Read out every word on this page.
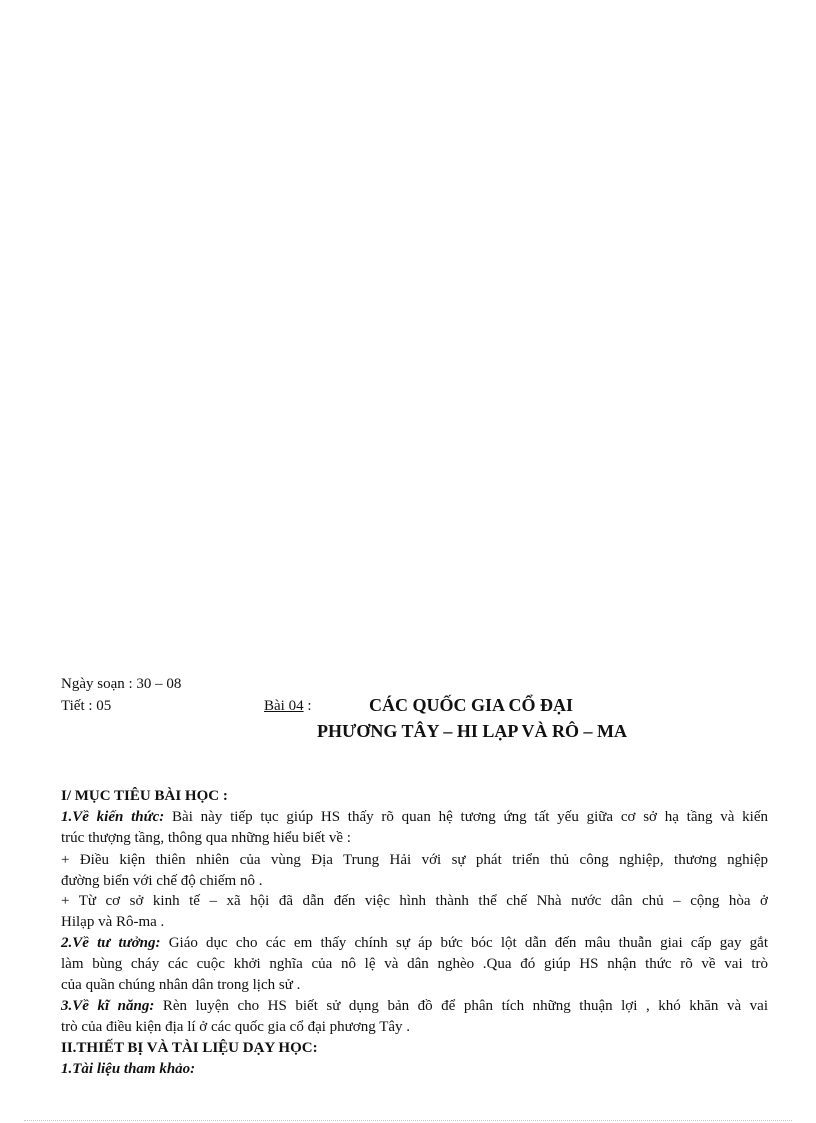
Ngày soạn : 30 – 08
Tiết : 05	Bài 04 :	CÁC QUỐC GIA CỔ ĐẠI
PHƯƠNG TÂY – HI LẠP VÀ RÔ – MA
I/ MỤC TIÊU BÀI HỌC :
1.Về kiến thức: Bài này tiếp tục giúp HS thấy rõ quan hệ tương ứng tất yếu giữa cơ sở hạ tầng và kiến
trúc thượng tầng, thông qua những hiểu biết về :
+ Điều kiện thiên nhiên của vùng Địa Trung Hải với sự phát triển thủ công nghiệp, thương nghiệp
đường biển với chế độ chiếm nô .
+ Từ cơ sở kinh tế – xã hội đã dẫn đến việc hình thành thể chế Nhà nước dân chủ – cộng hòa ở
Hilạp và Rô-ma .
2.Về tư tưởng: Giáo dục cho các em thấy chính sự áp bức bóc lột dẫn đến mâu thuẫn giai cấp gay gắt
làm bùng cháy các cuộc khởi nghĩa của nô lệ và dân nghèo .Qua đó giúp HS nhận thức rõ về vai trò
của quần chúng nhân dân trong lịch sử .
3.Về kĩ năng: Rèn luyện cho HS biết sử dụng bản đồ để phân tích những thuận lợi , khó khăn và vai
trò của điều kiện địa lí ở các quốc gia cổ đại phương Tây .
II.THIẾT BỊ VÀ TÀI LIỆU DẠY HỌC:
1.Tài liệu tham khảo:
